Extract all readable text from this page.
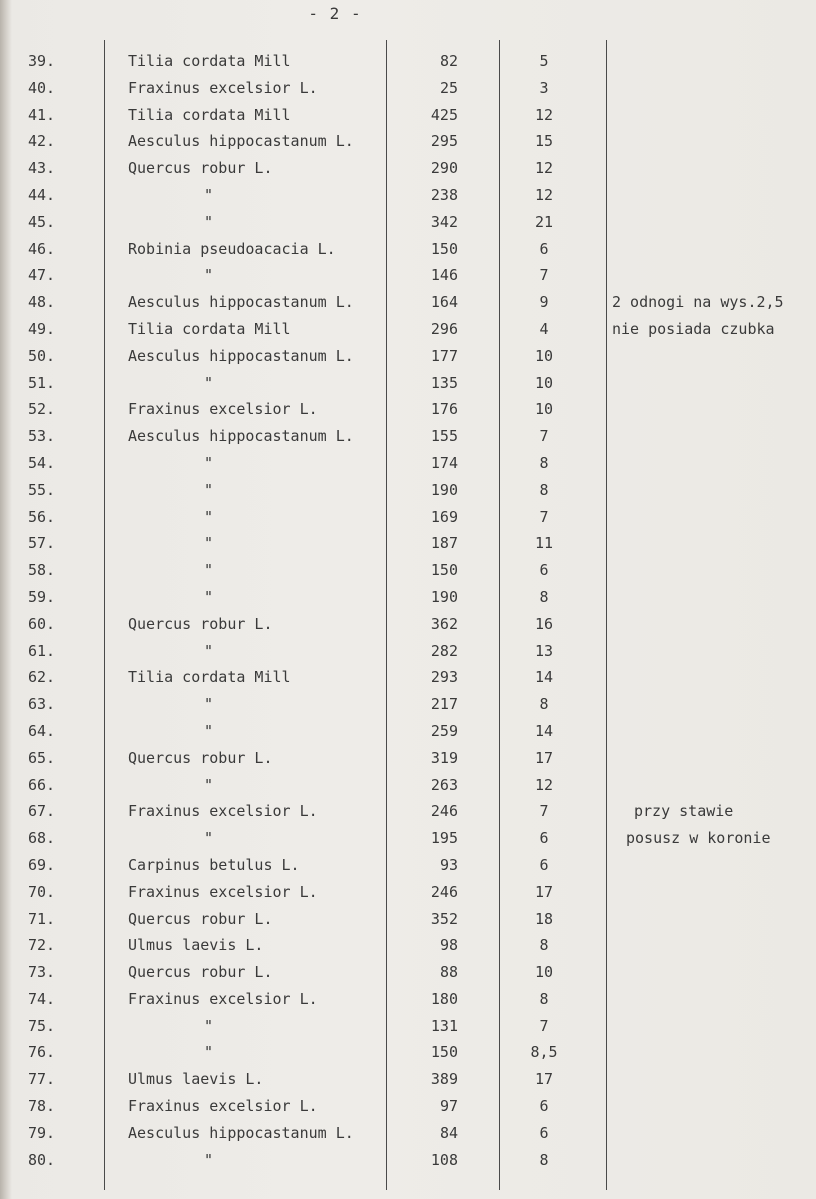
- 2 -
39.	Tilia cordata Mill	82	5
40.	Fraxinus excelsior L.	25	3
41.	Tilia cordata Mill	425	12
42.	Aesculus hippocastanum L.	295	15
43.	Quercus robur L.	290	12
44.	"	238	12
45.	"	342	21
46.	Robinia pseudoacacia L.	150	6
47.	"	146	7
48.	Aesculus hippocastanum L.	164	9	2 odnogi na wys.2,5
49.	Tilia cordata Mill	296	4	nie posiada czubka
50.	Aesculus hippocastanum L.	177	10
51.	"	135	10
52.	Fraxinus excelsior L.	176	10
53.	Aesculus hippocastanum L.	155	7
54.	"	174	8
55.	"	190	8
56.	"	169	7
57.	"	187	11
58.	"	150	6
59.	"	190	8
60.	Quercus robur L.	362	16
61.	"	282	13
62.	Tilia cordata Mill	293	14
63.	"	217	8
64.	"	259	14
65.	Quercus robur L.	319	17
66.	"	263	12
67.	Fraxinus excelsior L.	246	7	przy stawie
68.	"	195	6	posusz w koronie
69.	Carpinus betulus L.	93	6
70.	Fraxinus excelsior L.	246	17
71.	Quercus robur L.	352	18
72.	Ulmus laevis L.	98	8
73.	Quercus robur L.	88	10
74.	Fraxinus excelsior L.	180	8
75.	"	131	7
76.	"	150	8,5
77.	Ulmus laevis L.	389	17
78.	Fraxinus excelsior L.	97	6
79.	Aesculus hippocastanum L.	84	6
80.	"	108	8
